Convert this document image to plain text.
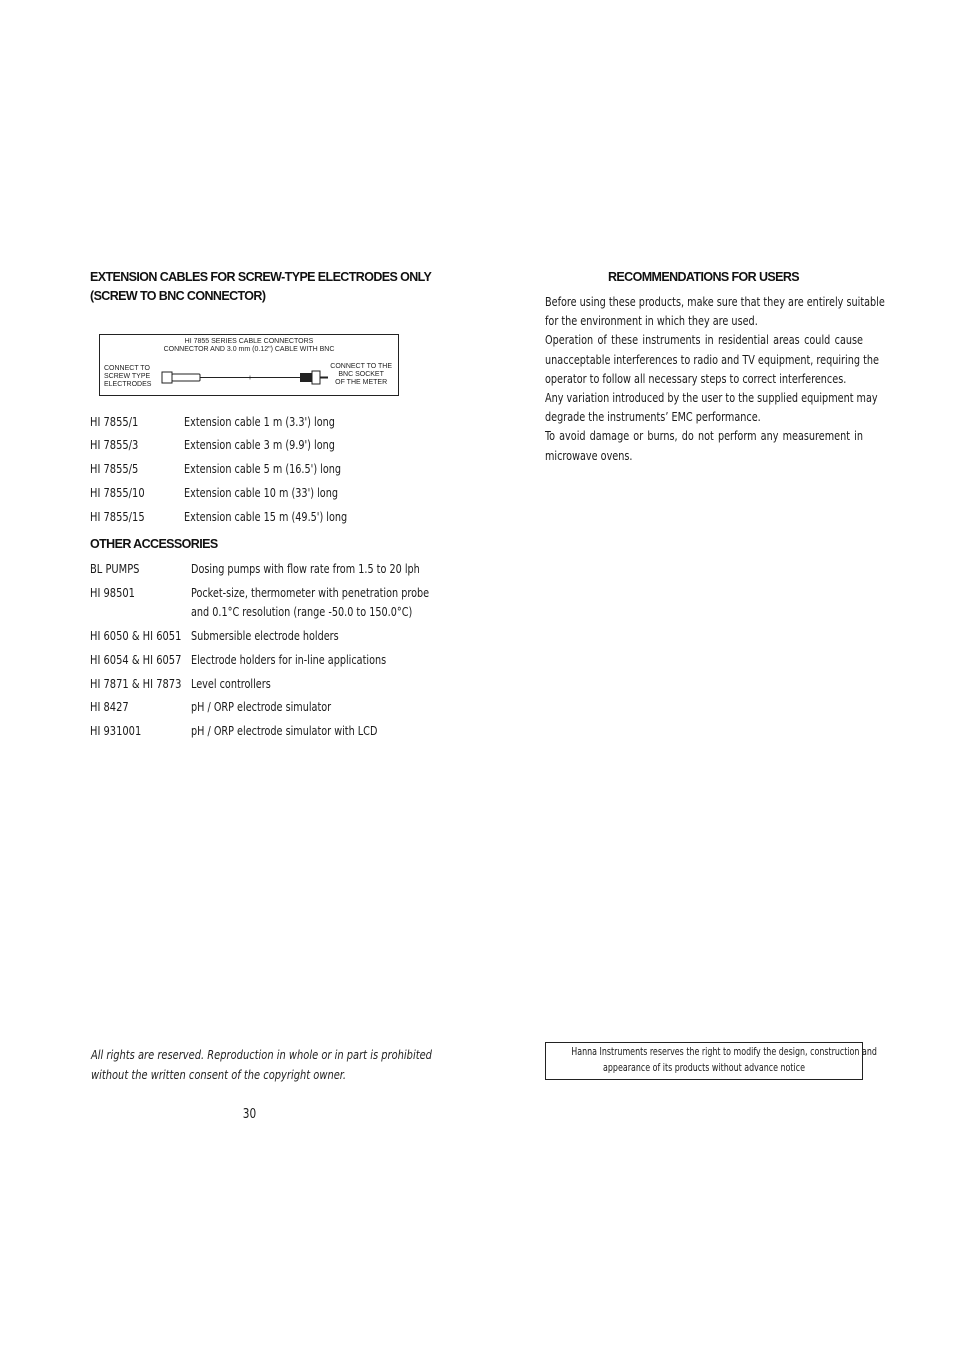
EXTENSION CABLES FOR SCREW-TYPE ELECTRODES ONLY
(SCREW TO BNC CONNECTOR)
HI 7855 SERIES CABLE CONNECTORS
CONNECTOR AND 3.0 mm (0.12") CABLE WITH BNC
CONNECT TO
SCREW TYPE
ELECTRODES
CONNECT TO THE
BNC SOCKET
OF THE METER
HI 7855/1	Extension cable 1 m (3.3') long
HI 7855/3	Extension cable 3 m (9.9') long
HI 7855/5	Extension cable 5 m (16.5') long
HI 7855/10	Extension cable 10 m (33') long
HI 7855/15	Extension cable 15 m (49.5') long
OTHER ACCESSORIES
BL PUMPS	Dosing pumps with flow rate from 1.5 to 20 lph
HI 98501	Pocket-size, thermometer with penetration probe
and 0.1°C resolution (range -50.0 to 150.0°C)
HI 6050 & HI 6051 Submersible electrode holders
HI 6054 & HI 6057 Electrode holders for in-line applications
HI 7871 & HI 7873 Level controllers
HI 8427	pH / ORP electrode simulator
HI 931001	pH / ORP electrode simulator with LCD
RECOMMENDATIONS FOR USERS
Before using these products, make sure that they are entirely suitable
for the environment in which they are used.
Operation of these instruments in residential areas could cause
unacceptable interferences to radio and TV equipment, requiring the
operator to follow all necessary steps to correct interferences.
Any variation introduced by the user to the supplied equipment may
degrade the instruments’ EMC performance.
To avoid damage or burns, do not perform any measurement in
microwave ovens.
All rights are reserved. Reproduction in whole or in part is prohibited
without the written consent of the copyright owner.
Hanna Instruments reserves the right to modify the design, construction and
appearance of its products without advance notice
30
